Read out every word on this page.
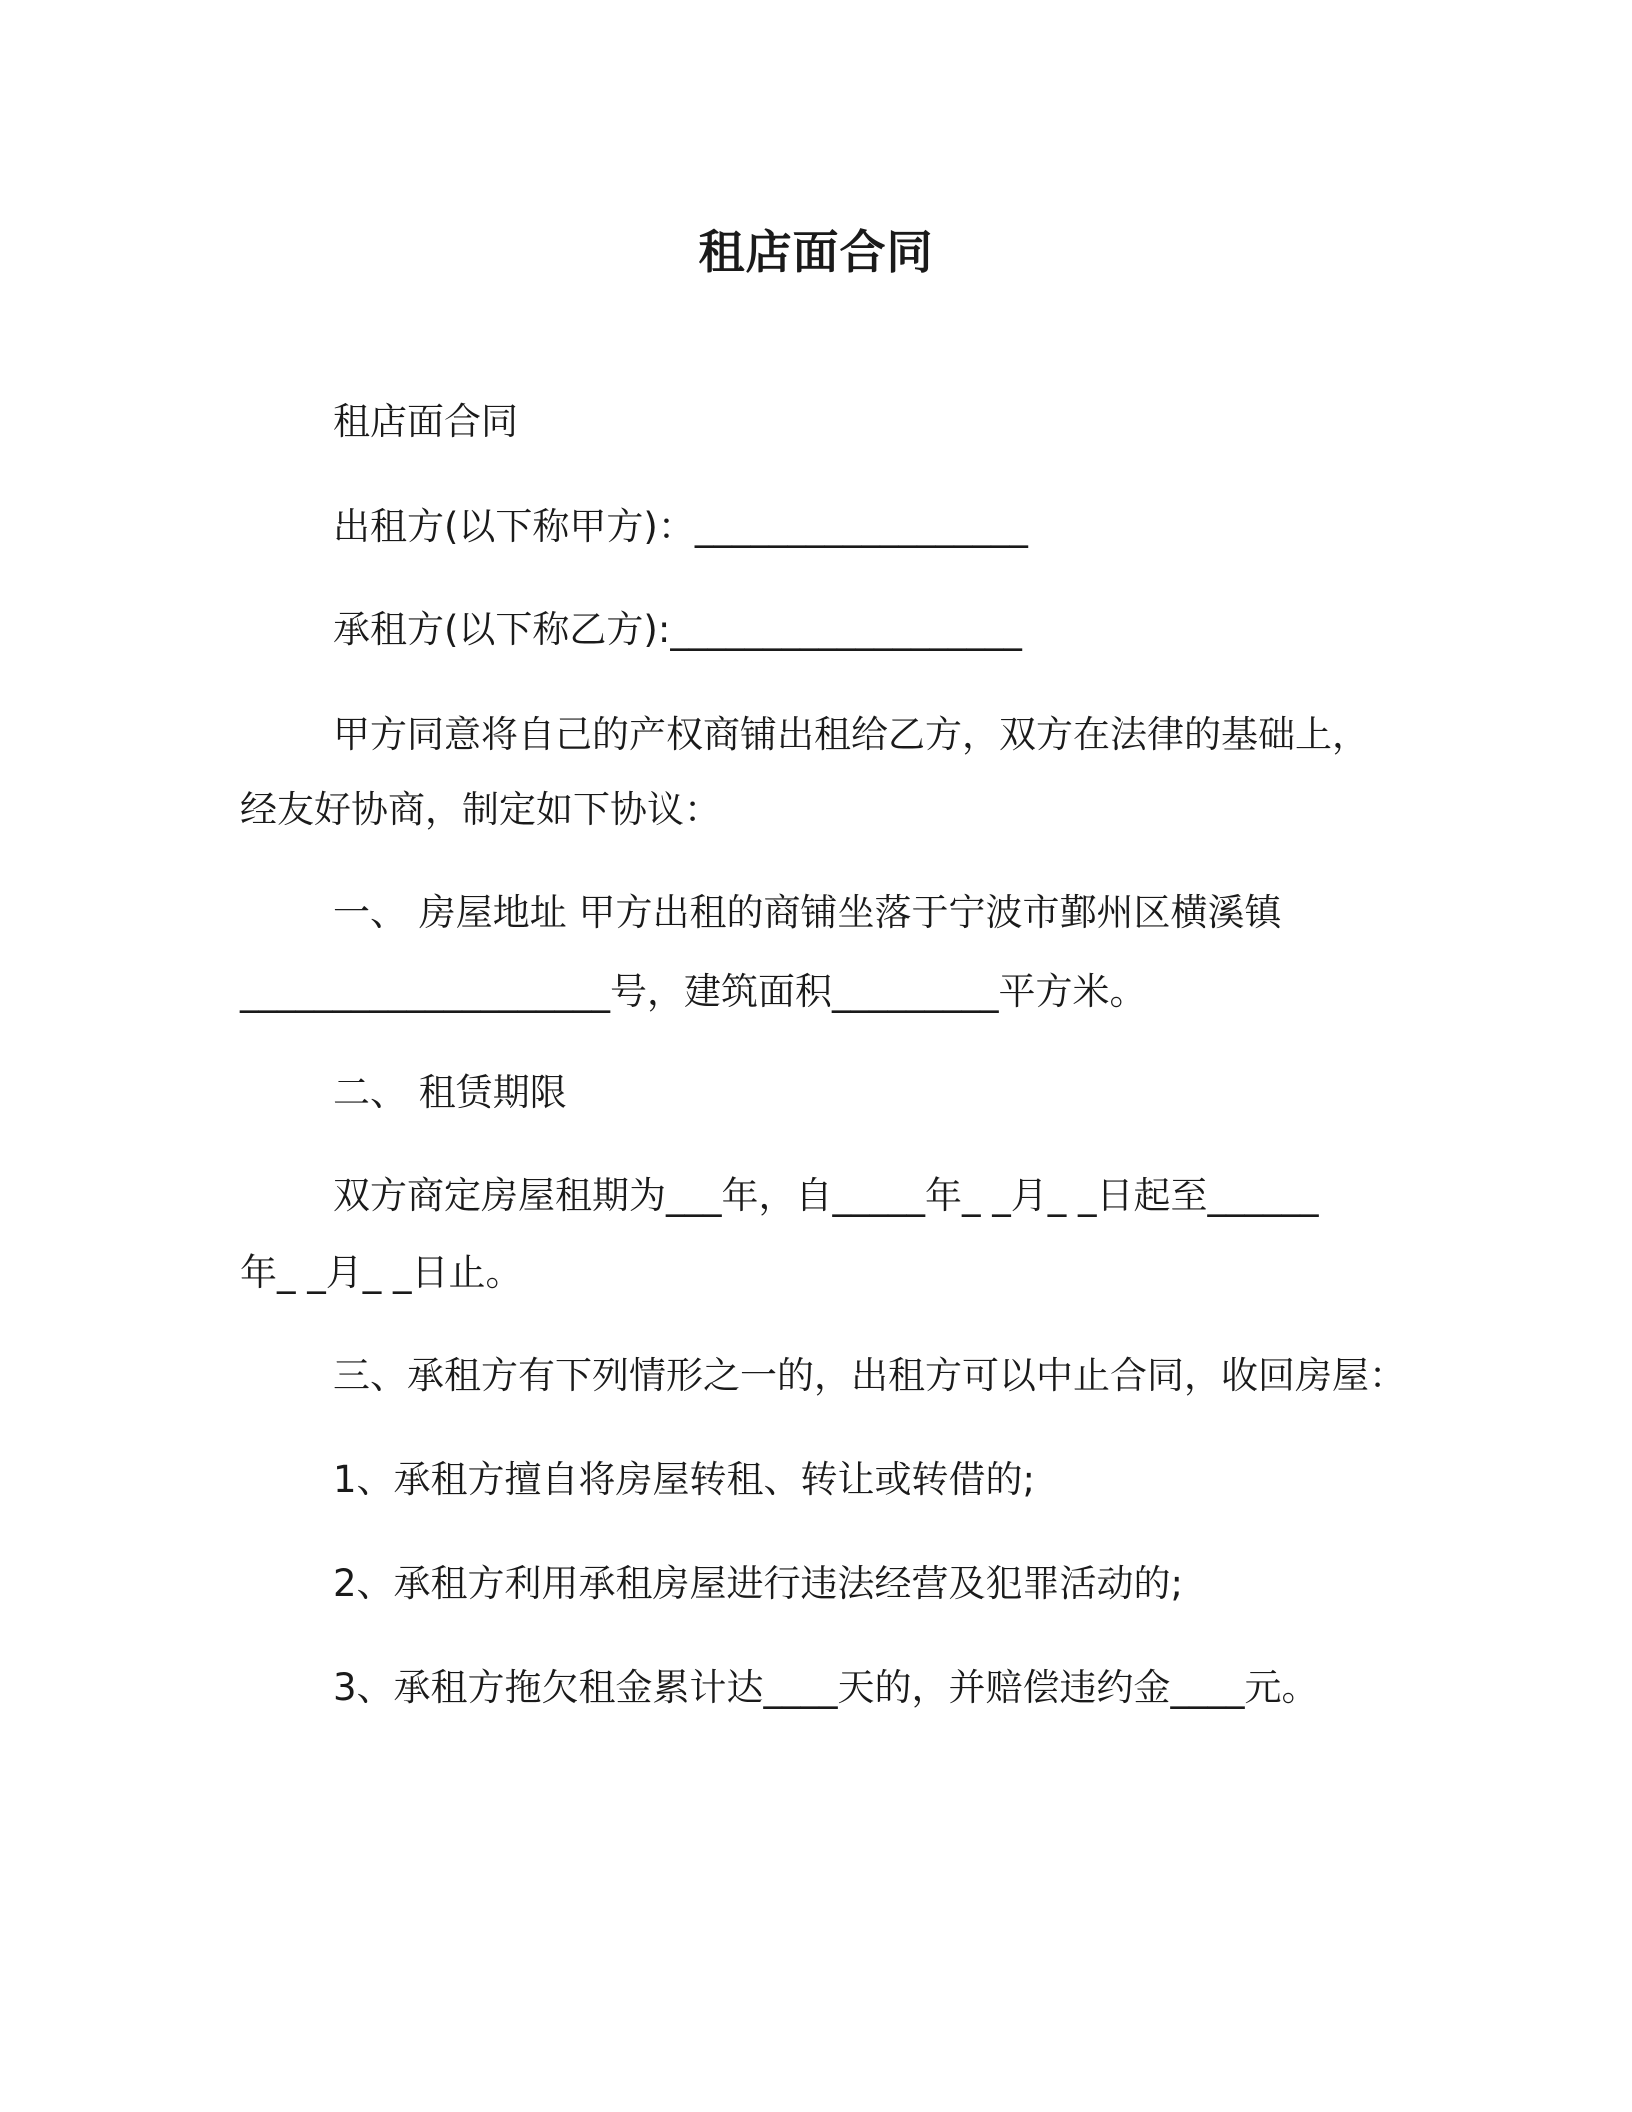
租店面合同
租店面合同
出租方(以下称甲方)：__________________
承租方(以下称乙方):___________________
甲方同意将自己的产权商铺出租给乙方，双方在法律的基础上，
经友好协商，制定如下协议：
一、 房屋地址 甲方出租的商铺坐落于宁波市鄞州区横溪镇
____________________号，建筑面积_________平方米。
二、 租赁期限
双方商定房屋租期为___年，自_____年_ _月_ _日起至______
年_ _月_ _日止。
三、承租方有下列情形之一的，出租方可以中止合同，收回房屋：
1、承租方擅自将房屋转租、转让或转借的;
2、承租方利用承租房屋进行违法经营及犯罪活动的;
3、承租方拖欠租金累计达____天的，并赔偿违约金____元。
